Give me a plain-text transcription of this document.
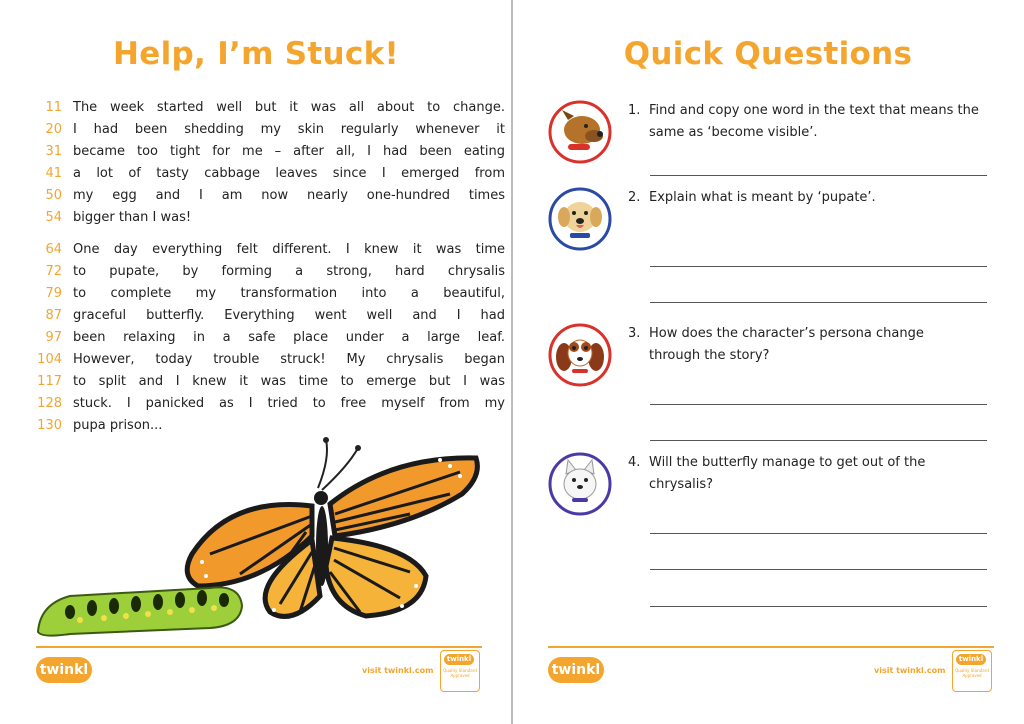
Help, I’m Stuck!
11 The week started well but it was all about to change.
20 I had been shedding my skin regularly whenever it
31 became too tight for me – after all, I had been eating
41 a lot of tasty cabbage leaves since I emerged from
50 my egg and I am now nearly one-hundred times
54 bigger than I was!
64 One day everything felt different. I knew it was time
72 to pupate, by forming a strong, hard chrysalis
79 to complete my transformation into a beautiful,
87 graceful butterfly. Everything went well and I had
97 been relaxing in a safe place under a large leaf.
104 However, today trouble struck! My chrysalis began
117 to split and I knew it was time to emerge but I was
128 stuck. I panicked as I tried to free myself from my
130 pupa prison...
twinkl	visit twinkl.com
twinkl
Quality Standard Approved
Quick Questions
1. Find and copy one word in the text that means the same as ‘become visible’.
2. Explain what is meant by ‘pupate’.
3. How does the character’s persona change through the story?
4. Will the butterfly manage to get out of the chrysalis?
twinkl	visit twinkl.com
twinkl
Quality Standard Approved
